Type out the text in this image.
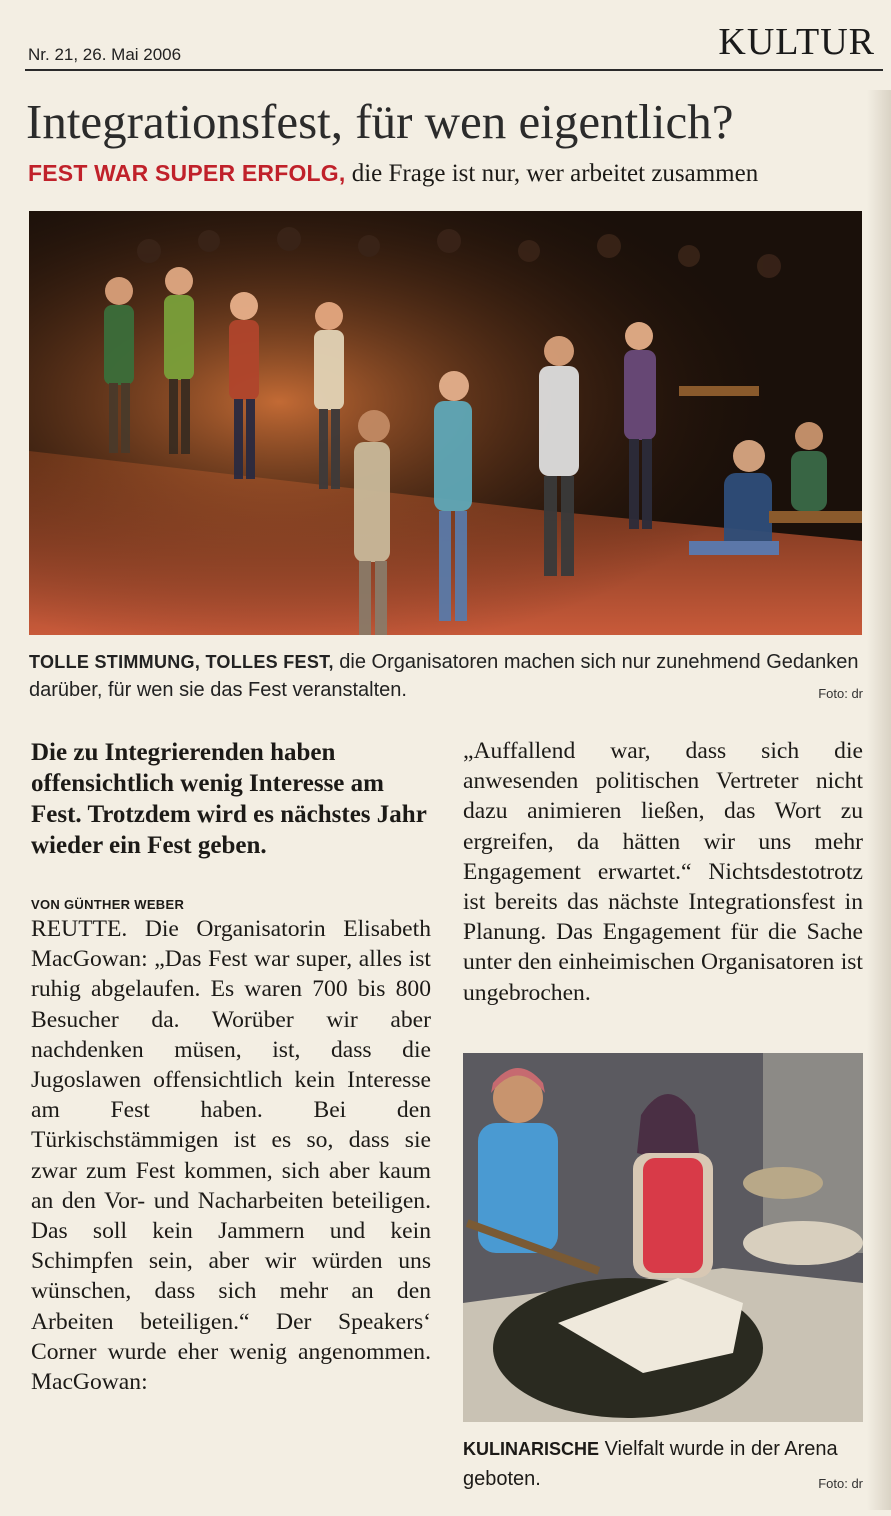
Nr. 21, 26. Mai 2006	KULTUR
Integrationsfest, für wen eigentlich?
FEST WAR SUPER ERFOLG, die Frage ist nur, wer arbeitet zusammen
TOLLE STIMMUNG, TOLLES FEST, die Organisatoren machen sich nur zunehmend Gedanken darüber, für wen sie das Fest veranstalten.	Foto: dr

Die zu Integrierenden haben offensichtlich wenig Interesse am Fest. Trotzdem wird es nächstes Jahr wieder ein Fest geben.

VON GÜNTHER WEBER

REUTTE. Die Organisatorin Elisabeth MacGowan: „Das Fest war super, alles ist ruhig abgelaufen. Es waren 700 bis 800 Besucher da. Worüber wir aber nachdenken müsen, ist, dass die Jugoslawen offensichtlich kein Interesse am Fest haben. Bei den Türkischstämmigen ist es so, dass sie zwar zum Fest kommen, sich aber kaum an den Vor- und Nacharbeiten beteiligen. Das soll kein Jammern und kein Schimpfen sein, aber wir würden uns wünschen, dass sich mehr an den Arbeiten beteiligen.“ Der Speakers‘ Corner wurde eher wenig angenommen. MacGowan:

„Auffallend war, dass sich die anwesenden politischen Vertreter nicht dazu animieren ließen, das Wort zu ergreifen, da hätten wir uns mehr Engagement erwartet.“ Nichtsdestotrotz ist bereits das nächste Integrationsfest in Planung. Das Engagement für die Sache unter den einheimischen Organisatoren ist ungebrochen.

KULINARISCHE Vielfalt wurde in der Arena geboten.	Foto: dr
